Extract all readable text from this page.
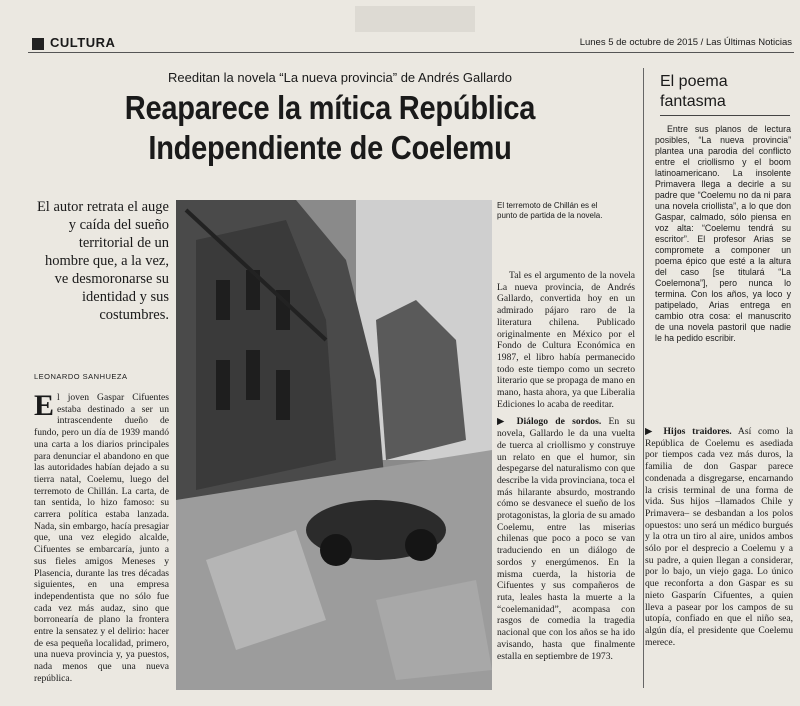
CULTURA	Lunes 5 de octubre de 2015 / Las Últimas Noticias
Reeditan la novela “La nueva provincia” de Andrés Gallardo
Reaparece la mítica República
Independiente de Coelemu
El autor retrata el auge y caída del sueño territorial de un hombre que, a la vez, ve desmoronarse su identidad y sus costumbres.
LEONARDO SANHUEZA
El joven Gaspar Cifuentes estaba destinado a ser un intrascendente dueño de fundo, pero un día de 1939 mandó una carta a los diarios principales para denunciar el abandono en que las autoridades habían dejado a su tierra natal, Coelemu, luego del terremoto de Chillán. La carta, de tan sentida, lo hizo famoso: su carrera política estaba lanzada. Nada, sin embargo, hacía presagiar que, una vez elegido alcalde, Cifuentes se embarcaría, junto a sus fieles amigos Meneses y Plasencia, durante las tres décadas siguientes, en una empresa independentista que no sólo fue cada vez más audaz, sino que borronearía de plano la frontera entre la sensatez y el delirio: hacer de esa pequeña localidad, primero, una nueva provincia y, ya puestos, nada menos que una nueva república.
El terremoto de Chillán es el punto de partida de la novela.

Tal es el argumento de la novela La nueva provincia, de Andrés Gallardo, convertida hoy en un admirado pájaro raro de la literatura chilena. Publicado originalmente en México por el Fondo de Cultura Económica en 1987, el libro había permanecido todo este tiempo como un secreto literario que se propaga de mano en mano, hasta ahora, ya que Liberalia Ediciones lo acaba de reeditar.

▶ Diálogo de sordos. En su novela, Gallardo le da una vuelta de tuerca al criollismo y construye un relato en que el humor, sin despegarse del naturalismo con que describe la vida provinciana, toca el más hilarante absurdo, mostrando cómo se desvanece el sueño de los protagonistas, la gloria de su amado Coelemu, entre las miserias chilenas que poco a poco se van traduciendo en un diálogo de sordos y energúmenos. En la misma cuerda, la historia de Cifuentes y sus compañeros de ruta, leales hasta la muerte a la “coelemanidad”, acompasa con rasgos de comedia la tragedia nacional que con los años se ha ido avisando, hasta que finalmente estalla en septiembre de 1973.

El poema fantasma
Entre sus planos de lectura posibles, “La nueva provincia” plantea una parodia del conflicto entre el criollismo y el boom latinoamericano. La insolente Primavera llega a decirle a su padre que “Coelemu no da ni para una novela criollista”, a lo que don Gaspar, calmado, sólo piensa en voz alta: “Coelemu tendrá su escritor”. El profesor Arias se compromete a componer un poema épico que esté a la altura del caso [se titulará “La Coelemona”], pero nunca lo termina. Con los años, ya loco y patipelado, Arias entrega en cambio otra cosa: el manuscrito de una novela pastoril que nadie le ha pedido escribir.
▶ Hijos traidores. Así como la República de Coelemu es asediada por tiempos cada vez más duros, la familia de don Gaspar parece condenada a disgregarse, encarnando la crisis terminal de una forma de vida. Sus hijos –llamados Chile y Primavera– se desbandan a los polos opuestos: uno será un médico burgués y la otra un tiro al aire, unidos ambos sólo por el desprecio a Coelemu y a su padre, a quien llegan a considerar, por lo bajo, un viejo gaga. Lo único que reconforta a don Gaspar es su nieto Gasparín Cifuentes, a quien lleva a pasear por los campos de su utopía, confiado en que el niño sea, algún día, el presidente que Coelemu merece.
